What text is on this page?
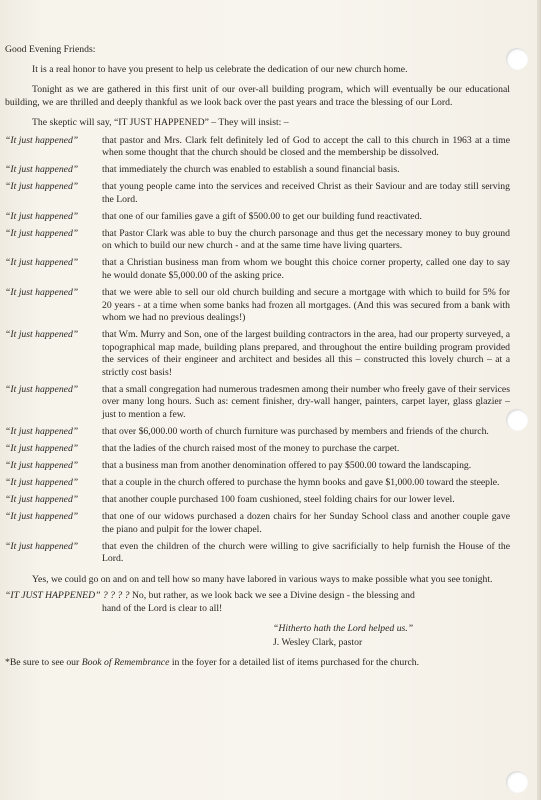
Good Evening Friends:

It is a real honor to have you present to help us celebrate the dedication of our new church home.

Tonight as we are gathered in this first unit of our over-all building program, which will eventually be our educational building, we are thrilled and deeply thankful as we look back over the past years and trace the blessing of our Lord.

The skeptic will say, “IT JUST HAPPENED” – They will insist: –

“It just happened”	that pastor and Mrs. Clark felt definitely led of God to accept the call to this church in 1963 at a time when some thought that the church should be closed and the membership be dissolved.
“It just happened”	that immediately the church was enabled to establish a sound financial basis.
“It just happened”	that young people came into the services and received Christ as their Saviour and are today still serving the Lord.
“It just happened”	that one of our families gave a gift of $500.00 to get our building fund reactivated.
“It just happened”	that Pastor Clark was able to buy the church parsonage and thus get the necessary money to buy ground on which to build our new church - and at the same time have living quarters.
“It just happened”	that a Christian business man from whom we bought this choice corner property, called one day to say he would donate $5,000.00 of the asking price.
“It just happened”	that we were able to sell our old church building and secure a mortgage with which to build for 5% for 20 years - at a time when some banks had frozen all mortgages. (And this was secured from a bank with whom we had no previous dealings!)
“It just happened”	that Wm. Murry and Son, one of the largest building contractors in the area, had our property surveyed, a topographical map made, building plans prepared, and throughout the entire building program provided the services of their engineer and architect and besides all this – constructed this lovely church – at a strictly cost basis!
“It just happened”	that a small congregation had numerous tradesmen among their number who freely gave of their services over many long hours. Such as: cement finisher, dry-wall hanger, painters, carpet layer, glass glazier – just to mention a few.
“It just happened”	that over $6,000.00 worth of church furniture was purchased by members and friends of the church.
“It just happened”	that the ladies of the church raised most of the money to purchase the carpet.
“It just happened”	that a business man from another denomination offered to pay $500.00 toward the landscaping.
“It just happened”	that a couple in the church offered to purchase the hymn books and gave $1,000.00 toward the steeple.
“It just happened”	that another couple purchased 100 foam cushioned, steel folding chairs for our lower level.
“It just happened”	that one of our widows purchased a dozen chairs for her Sunday School class and another couple gave the piano and pulpit for the lower chapel.
“It just happened”	that even the children of the church were willing to give sacrificially to help furnish the House of the Lord.

Yes, we could go on and on and tell how so many have labored in various ways to make possible what you see tonight.

“IT JUST HAPPENED” ? ? ? ? No, but rather, as we look back we see a Divine design - the blessing and
hand of the Lord is clear to all!
“Hitherto hath the Lord helped us.”
J. Wesley Clark, pastor
*Be sure to see our Book of Remembrance in the foyer for a detailed list of items purchased for the church.
